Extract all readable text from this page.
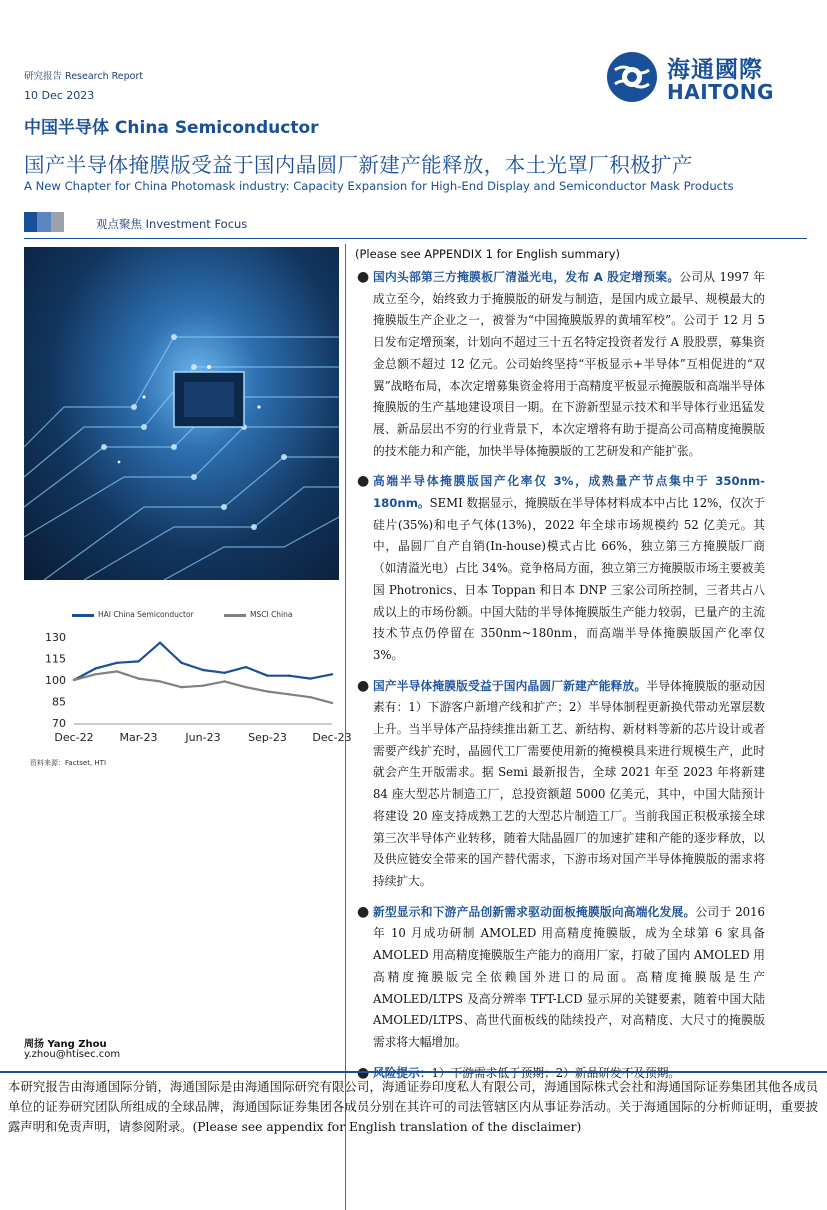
研究报告 Research Report
10 Dec 2023
中国半导体 China Semiconductor
国产半导体掩膜版受益于国内晶圆厂新建产能释放，本土光罩厂积极扩产
A New Chapter for China Photomask industry: Capacity Expansion for High-End Display and Semiconductor Mask Products
海通國際
HAITONG
观点聚焦 Investment Focus
HAI China Semiconductor	MSCI China
70
85
100
115
130
Dec-22 Mar-23	Jun-23	Sep-23 Dec-23
资料来源：Factset, HTI
(Please see APPENDIX 1 for English summary)
● 国内头部第三方掩膜板厂清溢光电，发布 A 股定增预案。公司从 1997 年成立至今，始终致力于掩膜版的研发与制造，是国内成立最早、规模最大的掩膜版生产企业之一，被誉为“中国掩膜版界的黄埔军校”。公司于 12 月 5 日发布定增预案，计划向不超过三十五名特定投资者发行 A 股股票，募集资金总额不超过 12 亿元。公司始终坚持“平板显示+半导体”互相促进的“双翼”战略布局，本次定增募集资金将用于高精度平板显示掩膜版和高端半导体掩膜版的生产基地建设项目一期。在下游新型显示技术和半导体行业迅猛发展、新品层出不穷的行业背景下，本次定增将有助于提高公司高精度掩膜版的技术能力和产能，加快半导体掩膜版的工艺研发和产能扩张。
● 高端半导体掩膜版国产化率仅 3%，成熟量产节点集中于 350nm-180nm。SEMI 数据显示，掩膜版在半导体材料成本中占比 12%，仅次于硅片(35%)和电子气体(13%)，2022 年全球市场规模约 52 亿美元。其中，晶圆厂自产自销(In-house)模式占比 66%，独立第三方掩膜版厂商（如清溢光电）占比 34%。竞争格局方面，独立第三方掩膜版市场主要被美国 Photronics、日本 Toppan 和日本 DNP 三家公司所控制，三者共占八成以上的市场份额。中国大陆的半导体掩膜版生产能力较弱，已量产的主流技术节点仍停留在 350nm~180nm，而高端半导体掩膜版国产化率仅 3%。
● 国产半导体掩膜版受益于国内晶圆厂新建产能释放。半导体掩膜版的驱动因素有：1）下游客户新增产线和扩产；2）半导体制程更新换代带动光罩层数上升。当半导体产品持续推出新工艺、新结构、新材料等新的芯片设计或者需要产线扩充时，晶圆代工厂需要使用新的掩模模具来进行规模生产，此时就会产生开版需求。据 Semi 最新报告，全球 2021 年至 2023 年将新建 84 座大型芯片制造工厂，总投资额超 5000 亿美元，其中，中国大陆预计将建设 20 座支持成熟工艺的大型芯片制造工厂。当前我国正积极承接全球第三次半导体产业转移，随着大陆晶圆厂的加速扩建和产能的逐步释放，以及供应链安全带来的国产替代需求，下游市场对国产半导体掩膜版的需求将持续扩大。
● 新型显示和下游产品创新需求驱动面板掩膜版向高端化发展。公司于 2016 年 10 月成功研制 AMOLED 用高精度掩膜版，成为全球第 6 家具备 AMOLED 用高精度掩膜版生产能力的商用厂家，打破了国内 AMOLED 用高精度掩膜版完全依赖国外进口的局面。高精度掩膜版是生产 AMOLED/LTPS 及高分辨率 TFT-LCD 显示屏的关键要素，随着中国大陆 AMOLED/LTPS、高世代面板线的陆续投产，对高精度、大尺寸的掩膜版需求将大幅增加。
周扬 Yang Zhou
y.zhou@htisec.com
本研究报告由海通国际分销，海通国际是由海通国际研究有限公司，海通证券印度私人有限公司，海通国际株式会社和海通国际证券集团其他各成员单位的证券研究团队所组成的全球品牌，海通国际证券集团各成员分别在其许可的司法管辖区内从事证券活动。关于海通国际的分析师证明，重要披露声明和免责声明，请参阅附录。(Please see appendix for English translation of the disclaimer)
